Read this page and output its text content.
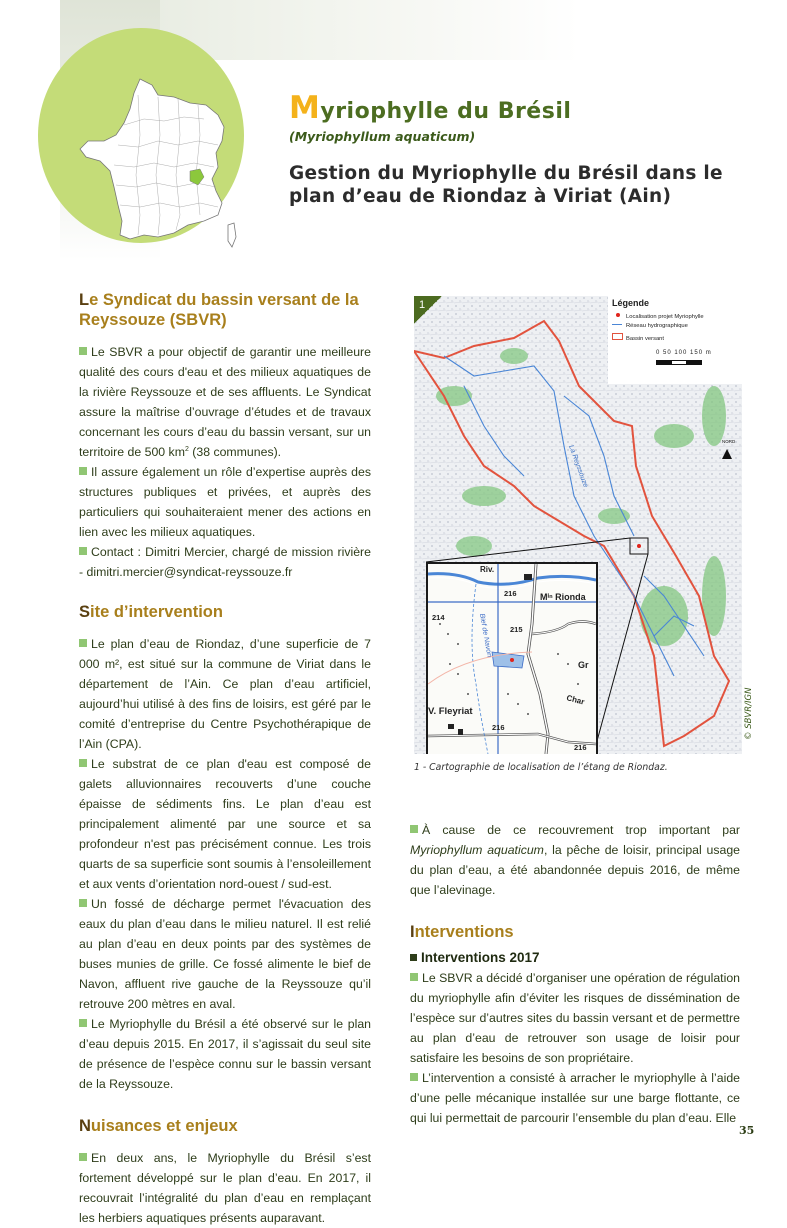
Myriophylle du Brésil
(Myriophyllum aquaticum)
Gestion du Myriophylle du Brésil dans le
plan d’eau de Riondaz à Viriat (Ain)
Le Syndicat du bassin versant de la Reyssouze (SBVR)

Le SBVR a pour objectif de garantir une meilleure qualité des cours d'eau et des milieux aquatiques de la rivière Reyssouze et de ses affluents. Le Syndicat assure la maîtrise d’ouvrage d’études et de travaux concernant les cours d’eau du bassin versant, sur un territoire de 500 $km^2$ (38 communes).

Il assure également un rôle d’expertise auprès des structures publiques et privées, et auprès des particuliers qui souhaiteraient mener des actions en lien avec les milieux aquatiques.

Contact : Dimitri Mercier, chargé de mission rivière - dimitri.mercier@syndicat-reyssouze.fr

Site d’intervention

Le plan d’eau de Riondaz, d’une superficie de 7 000 m², est situé sur la commune de Viriat dans le département de l’Ain. Ce plan d’eau artificiel, aujourd’hui utilisé à des fins de loisirs, est géré par le comité d’entreprise du Centre Psychothérapique de l’Ain (CPA).

Le substrat de ce plan d'eau est composé de galets alluvionnaires recouverts d’une couche épaisse de sédiments fins. Le plan d’eau est principalement alimenté par une source et sa profondeur n'est pas précisément connue. Les trois quarts de sa superficie sont soumis à l’ensoleillement et aux vents d’orientation nord-ouest / sud-est.

Un fossé de décharge permet l'évacuation des eaux du plan d’eau dans le milieu naturel. Il est relié au plan d’eau en deux points par des systèmes de buses munies de grille. Ce fossé alimente le bief de Navon, affluent rive gauche de la Reyssouze qu’il retrouve 200 mètres en aval.

Le Myriophylle du Brésil a été observé sur le plan d’eau depuis 2015. En 2017, il s’agissait du seul site de présence de l’espèce connu sur le bassin versant de la Reyssouze.

Nuisances et enjeux

En deux ans, le Myriophylle du Brésil s’est fortement développé sur le plan d’eau. En 2017, il recouvrait l’intégralité du plan d’eau en remplaçant les herbiers aquatiques présents auparavant.

La Reyssouze
1	Légende
Localisation projet Myriophylle
Réseau hydrographique
Bassin versant
0 50 100 150 m
NORD
Riv.
216	Mⁱⁿ Rionda
214
215
Bief de Navon
Gr
Char
V. Fleyriat
216
216
1 - Cartographie de localisation de l’étang de Riondaz.
© SBVR/IGN

À cause de ce recouvrement trop important par Myriophyllum aquaticum, la pêche de loisir, principal usage du plan d’eau, a été abandonnée depuis 2016, de même que l’alevinage.

Interventions
Interventions 2017

Le SBVR a décidé d’organiser une opération de régulation du myriophylle afin d’éviter les risques de dissémination de l’espèce sur d’autres sites du bassin versant et de permettre au plan d’eau de retrouver son usage de loisir pour satisfaire les besoins de son propriétaire.

L’intervention a consisté à arracher le myriophylle à l’aide d’une pelle mécanique installée sur une barge flottante, ce qui lui permettait de parcourir l’ensemble du plan d’eau. Elle

35
